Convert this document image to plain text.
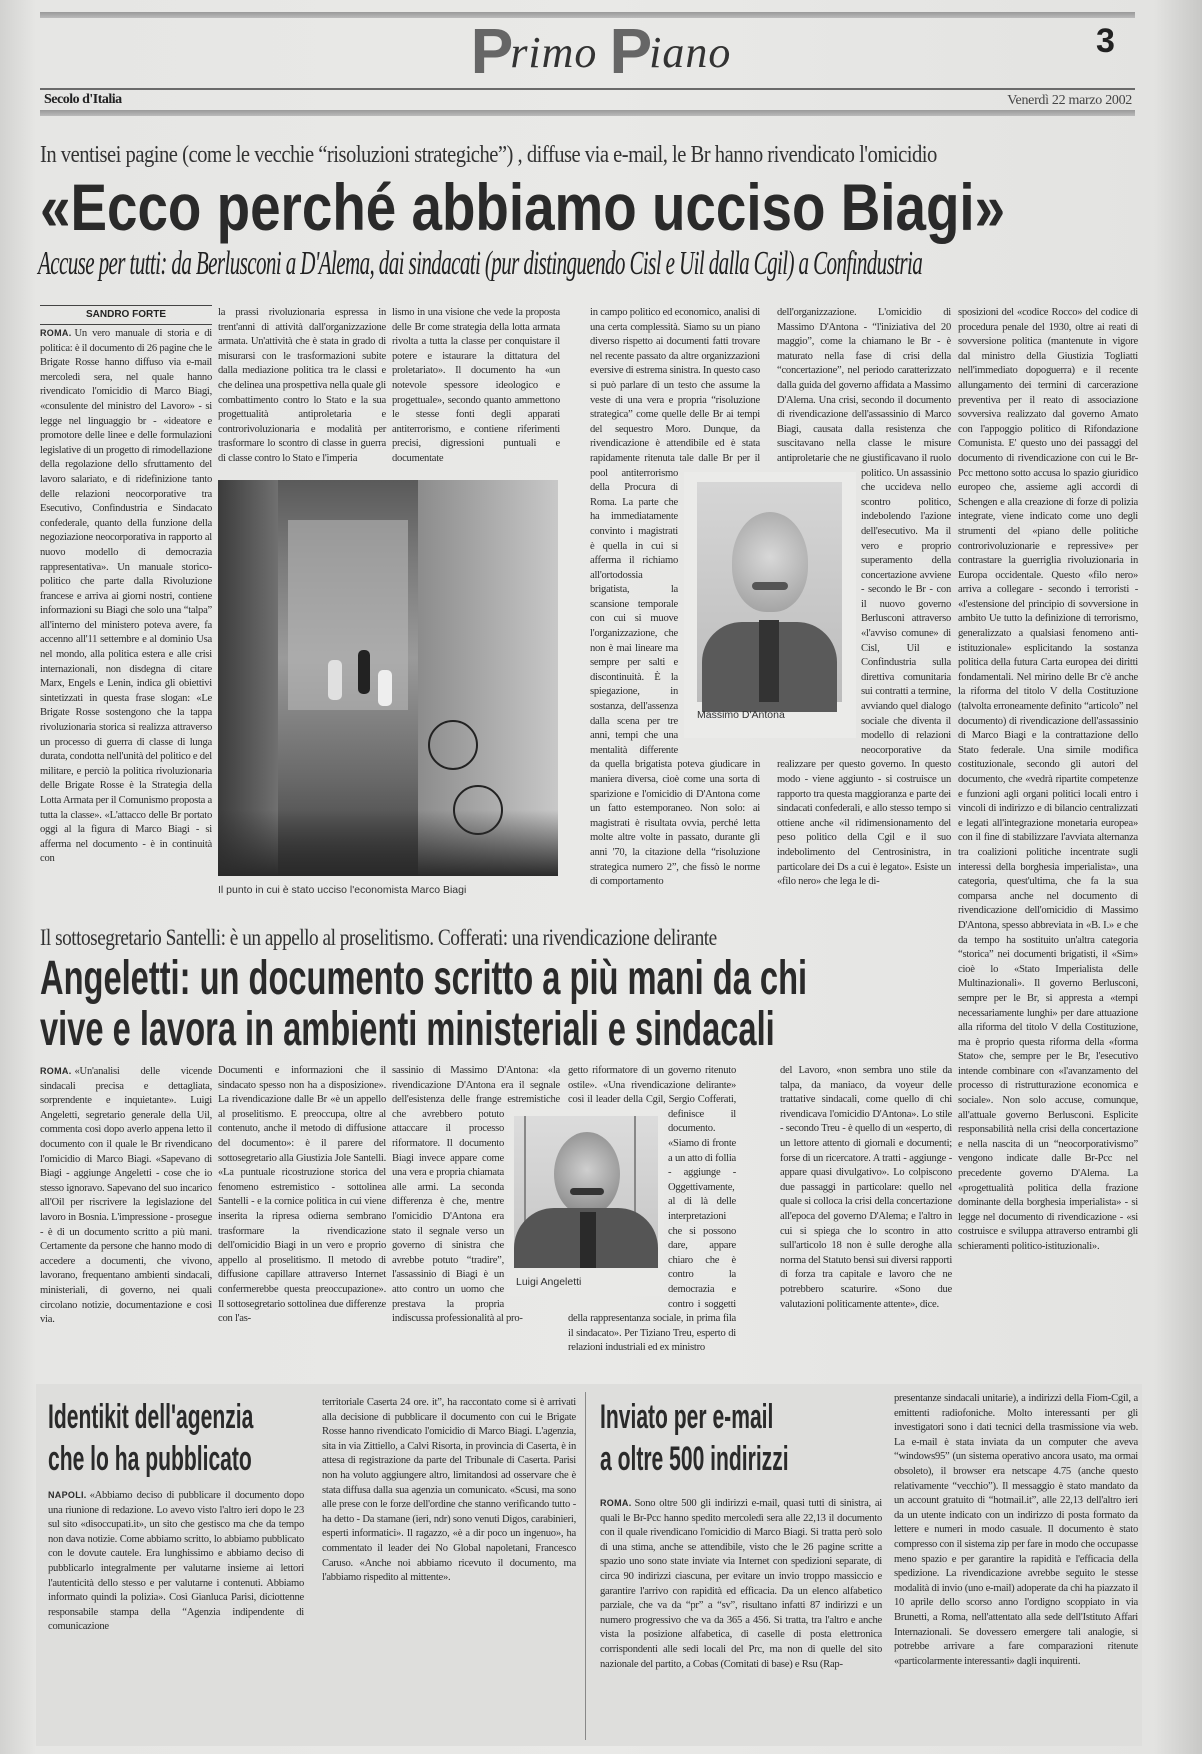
Primo Piano	3
Secolo d'Italia	Venerdì 22 marzo 2002
In ventisei pagine (come le vecchie “risoluzioni strategiche”) , diffuse via e-mail, le Br hanno rivendicato l'omicidio
«Ecco perché abbiamo ucciso Biagi»
Accuse per tutti: da Berlusconi a D'Alema, dai sindacati (pur distinguendo Cisl e Uil dalla Cgil) a Confindustria
SANDRO FORTE
ROMA. Un vero manuale di storia e di politica: è il documento di 26 pagine che le Brigate Rosse hanno diffuso via e-mail mercoledì sera, nel quale hanno rivendicato l'omicidio di Marco Biagi, «consulente del ministro del Lavoro» - si legge nel linguaggio br - «ideatore e promotore delle linee e delle formulazioni legislative di un progetto di rimodellazione della regolazione dello sfruttamento del lavoro salariato, e di ridefinizione tanto delle relazioni neocorporative tra Esecutivo, Confindustria e Sindacato confederale, quanto della funzione della negoziazione neocorporativa in rapporto al nuovo modello di democrazia rappresentativa». Un manuale storico-politico che parte dalla Rivoluzione francese e arriva ai giorni nostri, contiene informazioni su Biagi che solo una “talpa” all'interno del ministero poteva avere, fa accenno all'11 settembre e al dominio Usa nel mondo, alla politica estera e alle crisi internazionali, non disdegna di citare Marx, Engels e Lenin, indica gli obiettivi sintetizzati in questa frase slogan: «Le Brigate Rosse sostengono che la tappa rivoluzionaria storica si realizza attraverso un processo di guerra di classe di lunga durata, condotta nell'unità del politico e del militare, e perciò la politica rivoluzionaria delle Brigate Rosse è la Strategia della Lotta Armata per il Comunismo proposta a tutta la classe». «L'attacco delle Br portato oggi al la figura di Marco Biagi - si afferma nel documento - è in continuità con
la prassi rivoluzionaria espressa in trent'anni di attività dall'organizzazione armata. Un'attività che è stata in grado di misurarsi con le trasformazioni subite dalla mediazione politica tra le classi e che delinea una prospettiva nella quale gli combattimento contro lo Stato e la sua progettualità antiproletaria e controrivoluzionaria e modalità per trasformare lo scontro di classe in guerra di classe contro lo Stato e l'imperia
lismo in una visione che vede la proposta delle Br come strategia della lotta armata rivolta a tutta la classe per conquistare il potere e istaurare la dittatura del proletariato». Il documento ha «un notevole spessore ideologico e progettuale», secondo quanto ammettono le stesse fonti degli apparati antiterrorismo, e contiene riferimenti precisi, digressioni puntuali e documentate
Il punto in cui è stato ucciso l'economista Marco Biagi
in campo politico ed economico, analisi di una certa complessità. Siamo su un piano diverso rispetto ai documenti fatti trovare nel recente passato da altre organizzazioni eversive di estrema sinistra. In questo caso si può parlare di un testo che assume la veste di una vera e propria “risoluzione strategica” come quelle delle Br ai tempi del sequestro Moro. Dunque, da rivendicazione è attendibile ed è stata rapidamente ritenuta tale dalle Br per il pool antiterrorismo della Procura di Roma. La parte che ha immediatamente convinto i magistrati è quella in cui si afferma il richiamo all'ortodossia brigatista, la scansione temporale con cui si muove l'organizzazione, che non è mai lineare ma sempre per salti e discontinuità. È la spiegazione, in sostanza, dell'assenza dalla scena per tre anni, tempi che una mentalità differente da quella brigatista poteva giudicare in maniera diversa, cioè come una sorta di sparizione e l'omicidio di D'Antona come un fatto estemporaneo. Non solo: ai magistrati è risultata ovvia, perché letta molte altre volte in passato, durante gli anni '70, la citazione della “risoluzione strategica numero 2”, che fissò le norme di comportamento
Massimo D'Antona
dell'organizzazione. L'omicidio di Massimo D'Antona - “l'iniziativa del 20 maggio”, come la chiamano le Br - è maturato nella fase di crisi della “concertazione”, nel periodo caratterizzato dalla guida del governo affidata a Massimo D'Alema. Una crisi, secondo il documento di rivendicazione dell'assassinio di Marco Biagi, causata dalla resistenza che suscitavano nella classe le misure antiproletarie che ne giustificavano il ruolo politico. Un assassinio che uccideva nello scontro politico, indebolendo l'azione dell'esecutivo. Ma il vero e proprio superamento della concertazione avviene - secondo le Br - con il nuovo governo Berlusconi attraverso «l'avviso comune» di Cisl, Uil e Confindustria sulla direttiva comunitaria sui contratti a termine, avviando quel dialogo sociale che diventa il modello di relazioni neocorporative da realizzare per questo governo. In questo modo - viene aggiunto - si costruisce un rapporto tra questa maggioranza e parte dei sindacati confederali, e allo stesso tempo si ottiene anche «il ridimensionamento del peso politico della Cgil e il suo indebolimento del Centrosinistra, in particolare dei Ds a cui è legato». Esiste un «filo nero» che lega le di-
sposizioni del «codice Rocco» del codice di procedura penale del 1930, oltre ai reati di sovversione politica (mantenute in vigore dal ministro della Giustizia Togliatti nell'immediato dopoguerra) e il recente allungamento dei termini di carcerazione preventiva per il reato di associazione sovversiva realizzato dal governo Amato con l'appoggio politico di Rifondazione Comunista. E' questo uno dei passaggi del documento di rivendicazione con cui le Br-Pcc mettono sotto accusa lo spazio giuridico europeo che, assieme agli accordi di Schengen e alla creazione di forze di polizia integrate, viene indicato come uno degli strumenti del «piano delle politiche controrivoluzionarie e repressive» per contrastare la guerriglia rivoluzionaria in Europa occidentale. Questo «filo nero» arriva a collegare - secondo i terroristi - «l'estensione del principio di sovversione in ambito Ue tutto la definizione di terrorismo, generalizzato a qualsiasi fenomeno anti-istituzionale» esplicitando la sostanza politica della futura Carta europea dei diritti fondamentali. Nel mirino delle Br c'è anche la riforma del titolo V della Costituzione (talvolta erroneamente definito “articolo” nel documento) di rivendicazione dell'assassinio di Marco Biagi e la contrattazione dello Stato federale. Una simile modifica costituzionale, secondo gli autori del documento, che «vedrà ripartite competenze e funzioni agli organi politici locali entro i vincoli di indirizzo e di bilancio centralizzati e legati all'integrazione monetaria europea» con il fine di stabilizzare l'avviata alternanza tra coalizioni politiche incentrate sugli interessi della borghesia imperialista», una categoria, quest'ultima, che fa la sua comparsa anche nel documento di rivendicazione dell'omicidio di Massimo D'Antona, spesso abbreviata in «B. I.» e che da tempo ha sostituito un'altra categoria “storica” nei documenti brigatisti, il «Sim» cioè lo «Stato Imperialista delle Multinazionali». Il governo Berlusconi, sempre per le Br, si appresta a «tempi necessariamente lunghi» per dare attuazione alla riforma del titolo V della Costituzione, ma è proprio questa riforma della «forma Stato» che, sempre per le Br, l'esecutivo intende combinare con «l'avanzamento del processo di ristrutturazione economica e sociale». Non solo accuse, comunque, all'attuale governo Berlusconi. Esplicite responsabilità nella crisi della concertazione e nella nascita di un “neocorporativismo” vengono indicate dalle Br-Pcc nel precedente governo D'Alema. La «progettualità politica della frazione dominante della borghesia imperialista» - si legge nel documento di rivendicazione - «si costruisce e sviluppa attraverso entrambi gli schieramenti politico-istituzionali».
Il sottosegretario Santelli: è un appello al proselitismo. Cofferati: una rivendicazione delirante
Angeletti: un documento scritto a più mani da chi
vive e lavora in ambienti ministeriali e sindacali
ROMA. «Un'analisi delle vicende sindacali precisa e dettagliata, sorprendente e inquietante». Luigi Angeletti, segretario generale della Uil, commenta così dopo averlo appena letto il documento con il quale le Br rivendicano l'omicidio di Marco Biagi. «Sapevano di Biagi - aggiunge Angeletti - cose che io stesso ignoravo. Sapevano del suo incarico all'Oil per riscrivere la legislazione del lavoro in Bosnia. L'impressione - prosegue - è di un documento scritto a più mani. Certamente da persone che hanno modo di accedere a documenti, che vivono, lavorano, frequentano ambienti sindacali, ministeriali, di governo, nei quali circolano notizie, documentazione e così via.
Documenti e informazioni che il sindacato spesso non ha a disposizione». La rivendicazione dalle Br «è un appello al proselitismo. E preoccupa, oltre al contenuto, anche il metodo di diffusione del documento»: è il parere del sottosegretario alla Giustizia Jole Santelli. «La puntuale ricostruzione storica del fenomeno estremistico - sottolinea Santelli - e la cornice politica in cui viene inserita la ripresa odierna sembrano trasformare la rivendicazione dell'omicidio Biagi in un vero e proprio appello al proselitismo. Il metodo di diffusione capillare attraverso Internet confermerebbe questa preoccupazione». Il sottosegretario sottolinea due differenze con l'as-
sassinio di Massimo D'Antona: «la rivendicazione D'Antona era il segnale dell'esistenza delle frange estremistiche che avrebbero potuto attaccare il processo riformatore. Il documento Biagi invece appare come una vera e propria chiamata alle armi. La seconda differenza è che, mentre l'omicidio D'Antona era stato il segnale verso un governo di sinistra che avrebbe potuto “tradire”, l'assassinio di Biagi è un atto contro un uomo che prestava la propria indiscussa professionalità al pro-
getto riformatore di un governo ritenuto ostile». «Una rivendicazione delirante» così il leader della Cgil, Sergio Cofferati, definisce il documento. «Siamo di fronte a un atto di follia - aggiunge - Oggettivamente, al di là delle interpretazioni che si possono dare, appare chiaro che è contro la democrazia e contro i soggetti della rappresentanza sociale, in prima fila il sindacato». Per Tiziano Treu, esperto di relazioni industriali ed ex ministro
Luigi Angeletti
del Lavoro, «non sembra uno stile da talpa, da maniaco, da voyeur delle trattative sindacali, come quello di chi rivendicava l'omicidio D'Antona». Lo stile - secondo Treu - è quello di un «esperto, di un lettore attento di giornali e documenti; forse di un ricercatore. A tratti - aggiunge - appare quasi divulgativo». Lo colpiscono due passaggi in particolare: quello nel quale si colloca la crisi della concertazione all'epoca del governo D'Alema; e l'altro in cui si spiega che lo scontro in atto sull'articolo 18 non è sulle deroghe alla norma del Statuto bensì sui diversi rapporti di forza tra capitale e lavoro che ne potrebbero scaturire. «Sono due valutazioni politicamente attente», dice.
Identikit dell'agenzia
che lo ha pubblicato
NAPOLI. «Abbiamo deciso di pubblicare il documento dopo una riunione di redazione. Lo avevo visto l'altro ieri dopo le 23 sul sito «disoccupati.it», un sito che gestisco ma che da tempo non dava notizie. Come abbiamo scritto, lo abbiamo pubblicato con le dovute cautele. Era lunghissimo e abbiamo deciso di pubblicarlo integralmente per valutarne insieme ai lettori l'autenticità dello stesso e per valutarne i contenuti. Abbiamo informato quindi la polizia». Così Gianluca Parisi, diciottenne responsabile stampa della “Agenzia indipendente di comunicazione
territoriale Caserta 24 ore. it”, ha raccontato come si è arrivati alla decisione di pubblicare il documento con cui le Brigate Rosse hanno rivendicato l'omicidio di Marco Biagi. L'agenzia, sita in via Zittiello, a Calvi Risorta, in provincia di Caserta, è in attesa di registrazione da parte del Tribunale di Caserta. Parisi non ha voluto aggiungere altro, limitandosi ad osservare che è stata diffusa dalla sua agenzia un comunicato. «Scusi, ma sono alle prese con le forze dell'ordine che stanno verificando tutto - ha detto - Da stamane (ieri, ndr) sono venuti Digos, carabinieri, esperti informatici». Il ragazzo, «è a dir poco un ingenuo», ha commentato il leader dei No Global napoletani, Francesco Caruso. «Anche noi abbiamo ricevuto il documento, ma l'abbiamo rispedito al mittente».
Inviato per e-mail
a oltre 500 indirizzi
ROMA. Sono oltre 500 gli indirizzi e-mail, quasi tutti di sinistra, ai quali le Br-Pcc hanno spedito mercoledì sera alle 22,13 il documento con il quale rivendicano l'omicidio di Marco Biagi. Si tratta però solo di una stima, anche se attendibile, visto che le 26 pagine scritte a spazio uno sono state inviate via Internet con spedizioni separate, di circa 90 indirizzi ciascuna, per evitare un invio troppo massiccio e garantire l'arrivo con rapidità ed efficacia. Da un elenco alfabetico parziale, che va da “pr” a “sv”, risultano infatti 87 indirizzi e un numero progressivo che va da 365 a 456. Si tratta, tra l'altro e anche vista la posizione alfabetica, di caselle di posta elettronica corrispondenti alle sedi locali del Prc, ma non di quelle del sito nazionale del partito, a Cobas (Comitati di base) e Rsu (Rap-
presentanze sindacali unitarie), a indirizzi della Fiom-Cgil, a emittenti radiofoniche. Molto interessanti per gli investigatori sono i dati tecnici della trasmissione via web. La e-mail è stata inviata da un computer che aveva “windows95” (un sistema operativo ancora usato, ma ormai obsoleto), il browser era netscape 4.75 (anche questo relativamente “vecchio”). Il messaggio è stato mandato da un account gratuito di “hotmail.it”, alle 22,13 dell'altro ieri da un utente indicato con un indirizzo di posta formato da lettere e numeri in modo casuale. Il documento è stato compresso con il sistema zip per fare in modo che occupasse meno spazio e per garantire la rapidità e l'efficacia della spedizione. La rivendicazione avrebbe seguito le stesse modalità di invio (uno e-mail) adoperate da chi ha piazzato il 10 aprile dello scorso anno l'ordigno scoppiato in via Brunetti, a Roma, nell'attentato alla sede dell'Istituto Affari Internazionali. Se dovessero emergere tali analogie, si potrebbe arrivare a fare comparazioni ritenute «particolarmente interessanti» dagli inquirenti.
